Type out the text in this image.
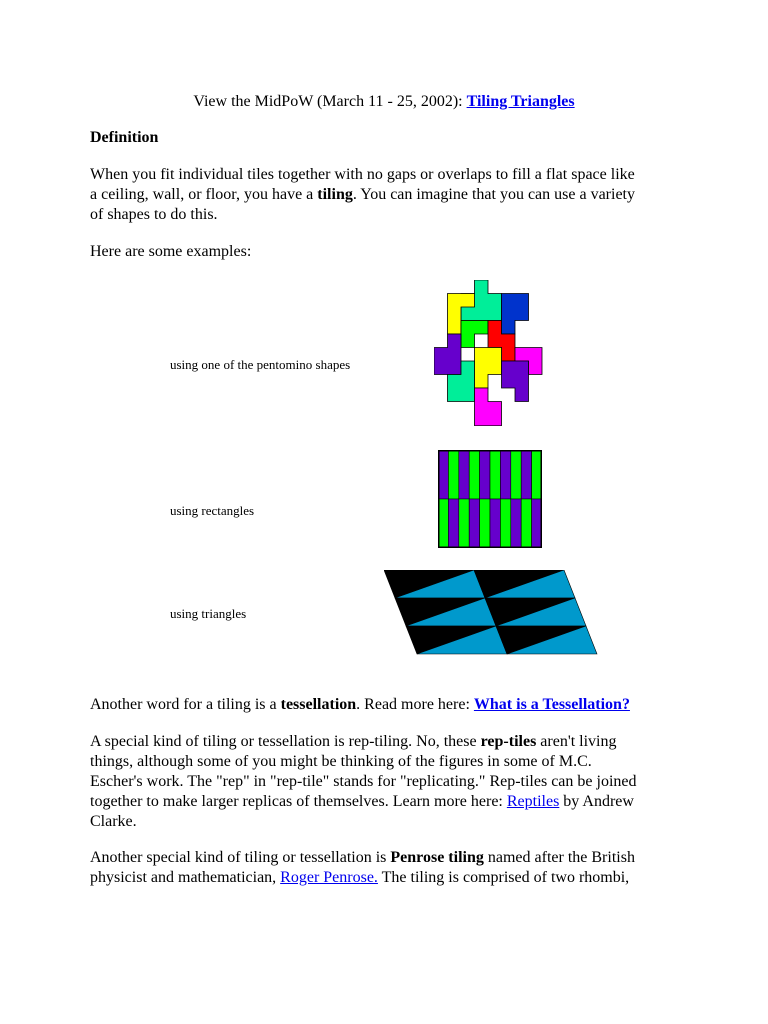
View the MidPoW (March 11 - 25, 2002): Tiling Triangles
Definition
When you fit individual tiles together with no gaps or overlaps to fill a flat space like
a ceiling, wall, or floor, you have a tiling. You can imagine that you can use a variety
of shapes to do this.
Here are some examples:
using one of the pentomino shapes
using rectangles
using triangles
Another word for a tiling is a tessellation. Read more here: What is a Tessellation?
A special kind of tiling or tessellation is rep-tiling. No, these rep-tiles aren't living
things, although some of you might be thinking of the figures in some of M.C.
Escher's work. The "rep" in "rep-tile" stands for "replicating." Rep-tiles can be joined
together to make larger replicas of themselves. Learn more here: Reptiles by Andrew
Clarke.
Another special kind of tiling or tessellation is Penrose tiling named after the British
physicist and mathematician, Roger Penrose. The tiling is comprised of two rhombi,
